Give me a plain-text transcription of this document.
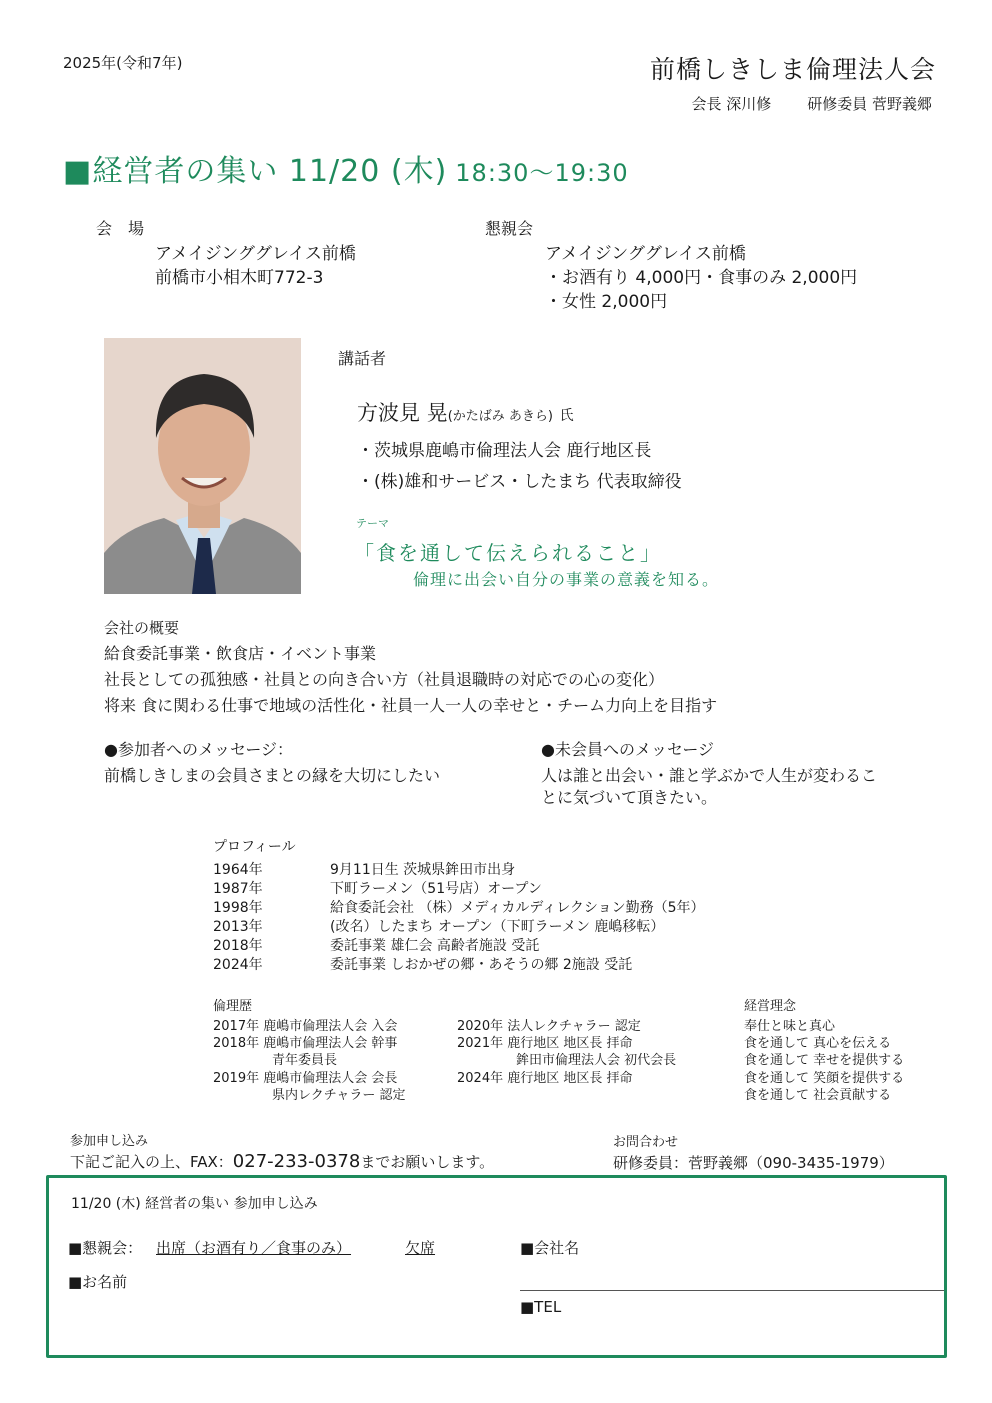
2025年(令和7年)	前橋しきしま倫理法人会
会長 深川修 研修委員 菅野義郷
■経営者の集い 11/20 (木) 18:30～19:30
会　場
アメイジンググレイス前橋
前橋市小相木町772-3
懇親会
アメイジンググレイス前橋
・お酒有り 4,000円・食事のみ 2,000円
・女性 2,000円
講話者
方波見 晃(かたばみ あきら) 氏
・茨城県鹿嶋市倫理法人会 鹿行地区長
・(株)雄和サービス・したまち 代表取締役
テーマ
「食を通して伝えられること」
倫理に出会い自分の事業の意義を知る。
会社の概要
給食委託事業・飲食店・イベント事業
社長としての孤独感・社員との向き合い方（社員退職時の対応での心の変化）
将来 食に関わる仕事で地域の活性化・社員一人一人の幸せと・チーム力向上を目指す
●参加者へのメッセージ：
前橋しきしまの会員さまとの縁を大切にしたい
●未会員へのメッセージ
人は誰と出会い・誰と学ぶかで人生が変わるこ
とに気づいて頂きたい。
プロフィール
1964年	9月11日生 茨城県鉾田市出身
1987年	下町ラーメン（51号店）オープン
1998年	給食委託会社 （株）メディカルディレクション勤務（5年）
2013年	(改名）したまち オープン（下町ラーメン 鹿嶋移転）
2018年	委託事業 雄仁会 高齢者施設 受託
2024年	委託事業 しおかぜの郷・あそうの郷 2施設 受託
倫理歴
2017年 鹿嶋市倫理法人会 入会
2018年 鹿嶋市倫理法人会 幹事
青年委員長
2019年 鹿嶋市倫理法人会 会長
県内レクチャラー 認定
2020年 法人レクチャラー 認定
2021年 鹿行地区 地区長 拝命
鉾田市倫理法人会 初代会長
2024年 鹿行地区 地区長 拝命
経営理念
奉仕と味と真心
食を通して 真心を伝える
食を通して 幸せを提供する
食を通して 笑顔を提供する
食を通して 社会貢献する
参加申し込み
下記ご記入の上、FAX：027-233-0378までお願いします。
お問合わせ
研修委員：菅野義郷（090-3435-1979）
11/20 (木) 経営者の集い 参加申し込み
■懇親会： 出席（お酒有り／食事のみ）	欠席	■会社名
■お名前
■TEL
